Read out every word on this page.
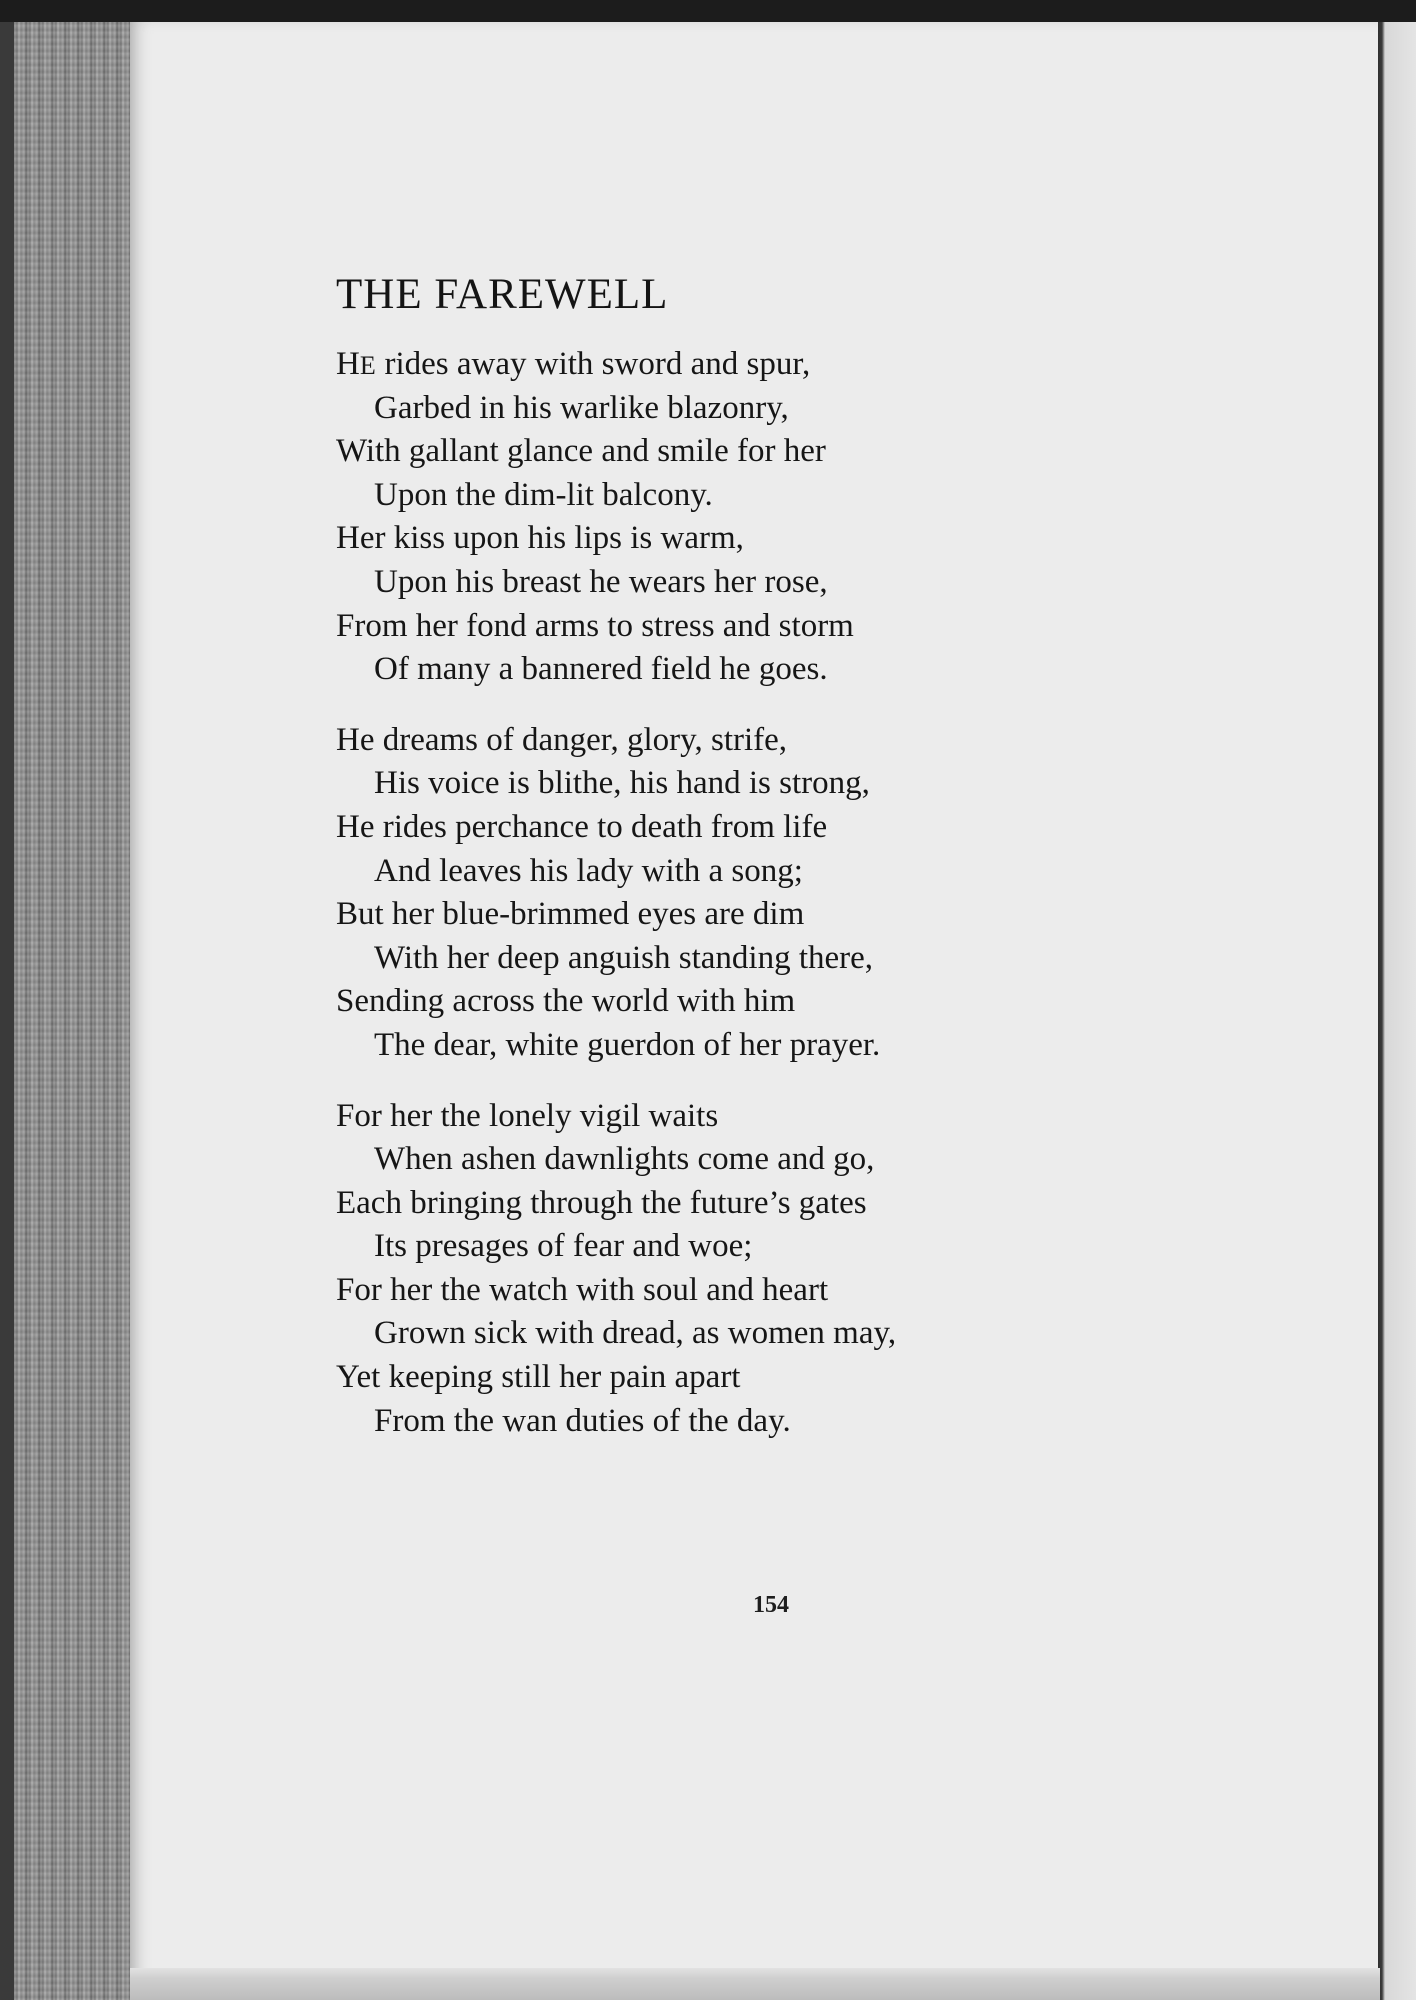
THE FAREWELL
HE rides away with sword and spur,
Garbed in his warlike blazonry,
With gallant glance and smile for her
Upon the dim-lit balcony.
Her kiss upon his lips is warm,
Upon his breast he wears her rose,
From her fond arms to stress and storm
Of many a bannered field he goes.
He dreams of danger, glory, strife,
His voice is blithe, his hand is strong,
He rides perchance to death from life
And leaves his lady with a song;
But her blue-brimmed eyes are dim
With her deep anguish standing there,
Sending across the world with him
The dear, white guerdon of her prayer.
For her the lonely vigil waits
When ashen dawnlights come and go,
Each bringing through the future’s gates
Its presages of fear and woe;
For her the watch with soul and heart
Grown sick with dread, as women may,
Yet keeping still her pain apart
From the wan duties of the day.
154
